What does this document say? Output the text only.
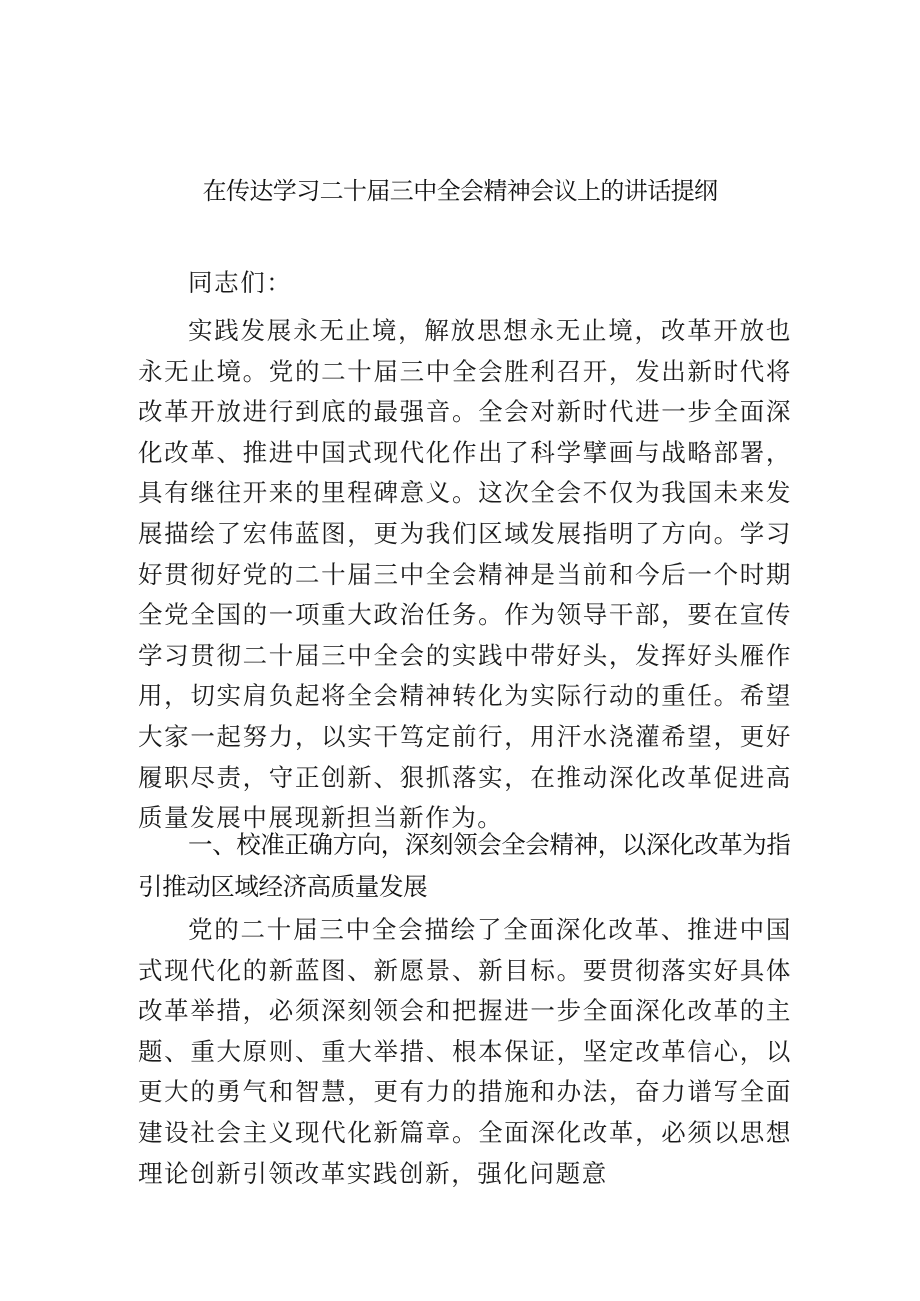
在传达学习二十届三中全会精神会议上的讲话提纲

同志们：

实践发展永无止境，解放思想永无止境，改革开放也永无止境。党的二十届三中全会胜利召开，发出新时代将改革开放进行到底的最强音。全会对新时代进一步全面深化改革、推进中国式现代化作出了科学擘画与战略部署，具有继往开来的里程碑意义。这次全会不仅为我国未来发展描绘了宏伟蓝图，更为我们区域发展指明了方向。学习好贯彻好党的二十届三中全会精神是当前和今后一个时期全党全国的一项重大政治任务。作为领导干部，要在宣传学习贯彻二十届三中全会的实践中带好头，发挥好头雁作用，切实肩负起将全会精神转化为实际行动的重任。希望大家一起努力，以实干笃定前行，用汗水浇灌希望，更好履职尽责，守正创新、狠抓落实，在推动深化改革促进高质量发展中展现新担当新作为。

一、校准正确方向，深刻领会全会精神，以深化改革为指引推动区域经济高质量发展

党的二十届三中全会描绘了全面深化改革、推进中国式现代化的新蓝图、新愿景、新目标。要贯彻落实好具体改革举措，必须深刻领会和把握进一步全面深化改革的主题、重大原则、重大举措、根本保证，坚定改革信心，以更大的勇气和智慧，更有力的措施和办法，奋力谱写全面建设社会主义现代化新篇章。全面深化改革，必须以思想理论创新引领改革实践创新，强化问题意
